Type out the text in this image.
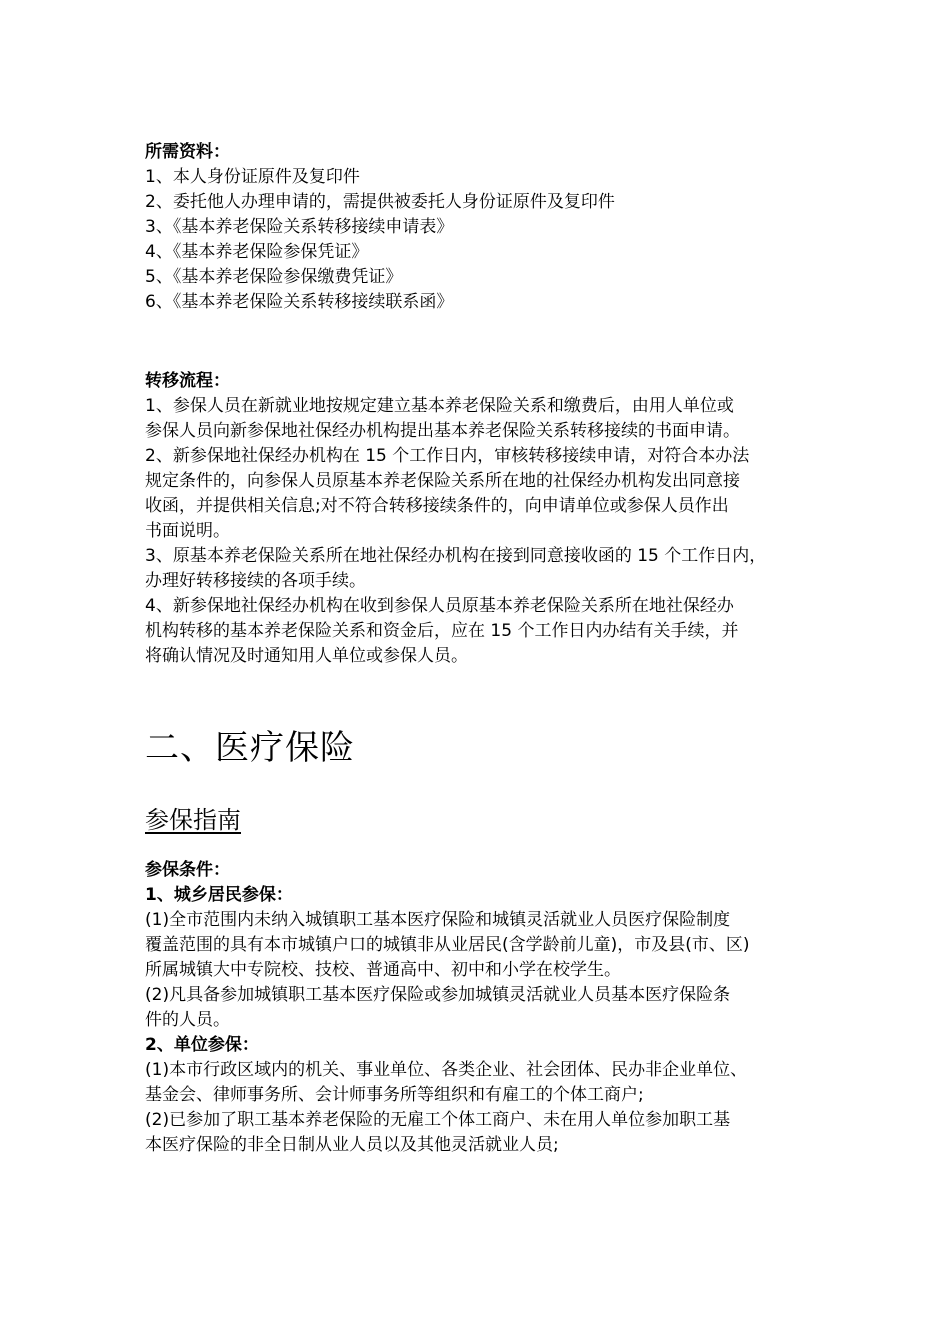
所需资料：
1、本人身份证原件及复印件
2、委托他人办理申请的，需提供被委托人身份证原件及复印件
3、《基本养老保险关系转移接续申请表》
4、《基本养老保险参保凭证》
5、《基本养老保险参保缴费凭证》
6、《基本养老保险关系转移接续联系函》
转移流程：
1、参保人员在新就业地按规定建立基本养老保险关系和缴费后，由用人单位或
参保人员向新参保地社保经办机构提出基本养老保险关系转移接续的书面申请。
2、新参保地社保经办机构在 15 个工作日内，审核转移接续申请，对符合本办法
规定条件的，向参保人员原基本养老保险关系所在地的社保经办机构发出同意接
收函，并提供相关信息;对不符合转移接续条件的，向申请单位或参保人员作出
书面说明。
3、原基本养老保险关系所在地社保经办机构在接到同意接收函的 15 个工作日内，
办理好转移接续的各项手续。
4、新参保地社保经办机构在收到参保人员原基本养老保险关系所在地社保经办
机构转移的基本养老保险关系和资金后，应在 15 个工作日内办结有关手续，并
将确认情况及时通知用人单位或参保人员。
二、医疗保险
参保指南
参保条件：
1、城乡居民参保：
(1)全市范围内未纳入城镇职工基本医疗保险和城镇灵活就业人员医疗保险制度
覆盖范围的具有本市城镇户口的城镇非从业居民(含学龄前儿童)，市及县(市、区)
所属城镇大中专院校、技校、普通高中、初中和小学在校学生。
(2)凡具备参加城镇职工基本医疗保险或参加城镇灵活就业人员基本医疗保险条
件的人员。
2、单位参保：
(1)本市行政区域内的机关、事业单位、各类企业、社会团体、民办非企业单位、
基金会、律师事务所、会计师事务所等组织和有雇工的个体工商户;
(2)已参加了职工基本养老保险的无雇工个体工商户、未在用人单位参加职工基
本医疗保险的非全日制从业人员以及其他灵活就业人员;
